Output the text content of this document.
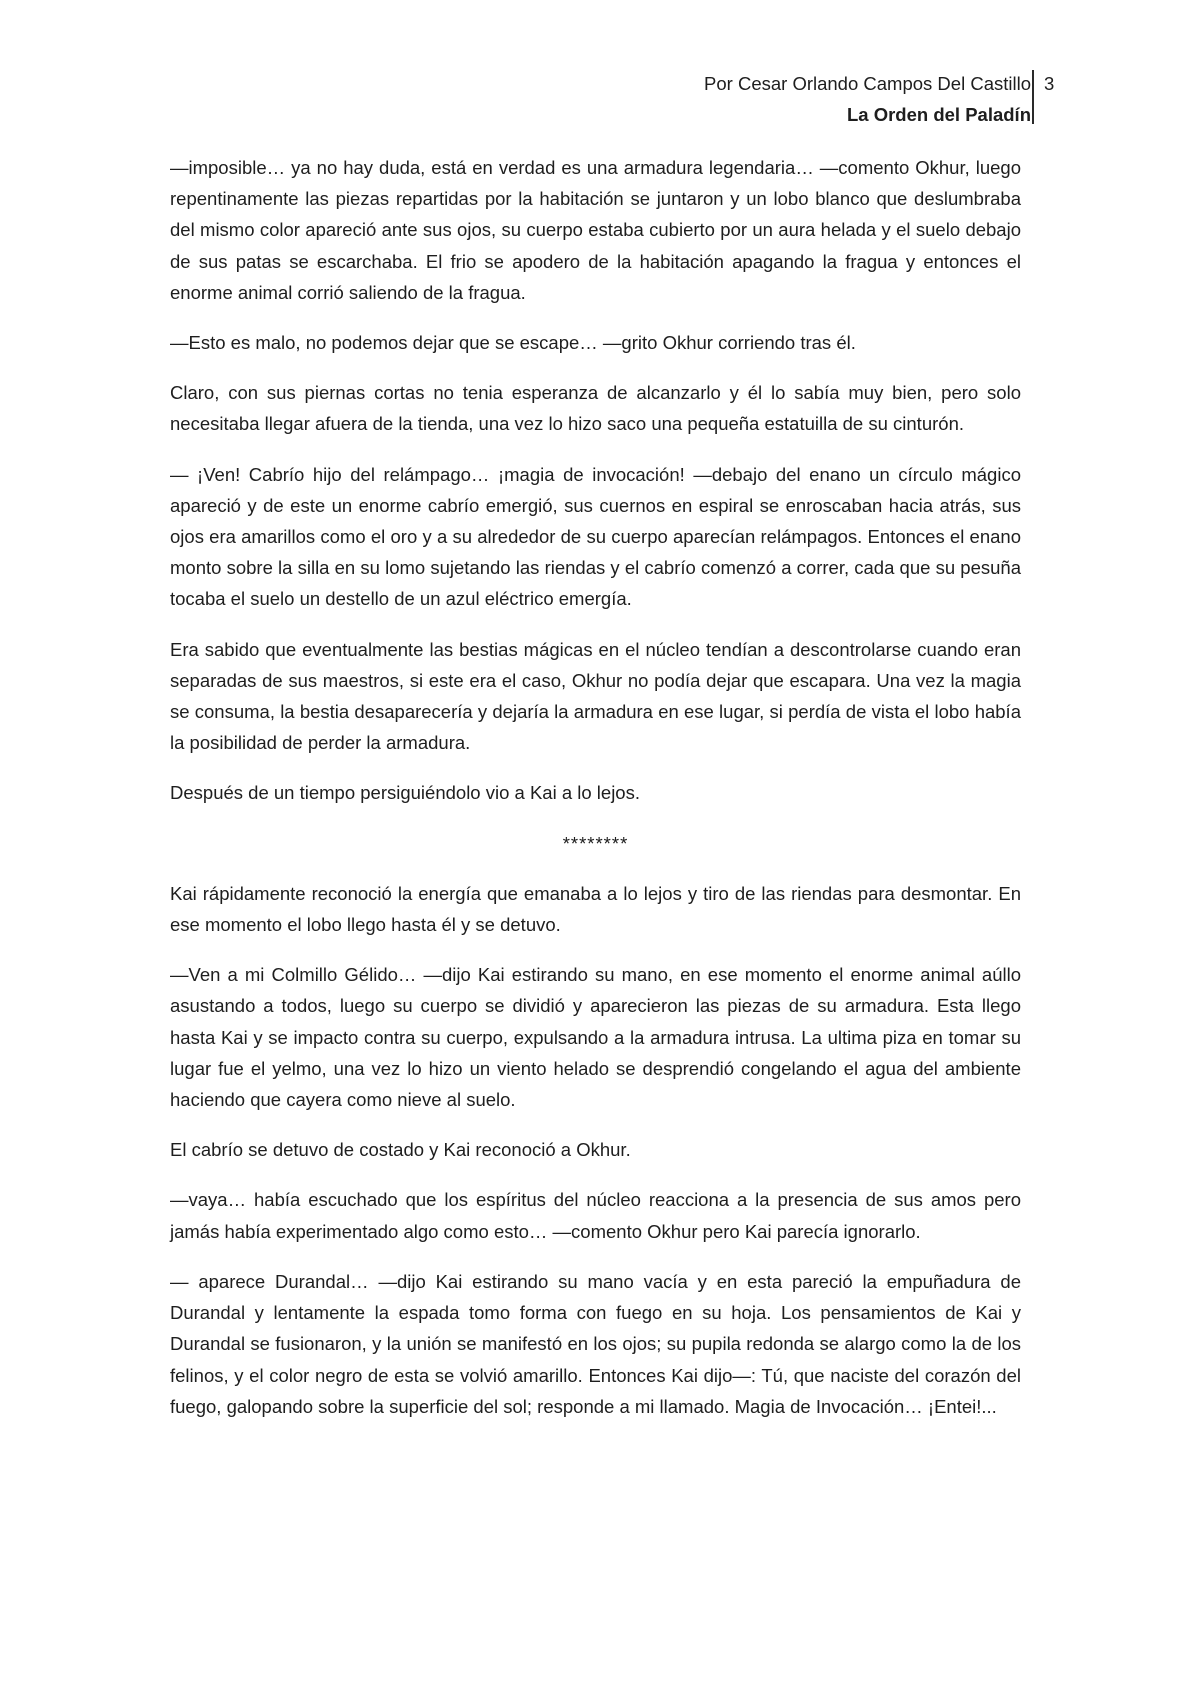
Por Cesar Orlando Campos Del Castillo
La Orden del Paladín
3

—imposible… ya no hay duda, está en verdad es una armadura legendaria… —comento Okhur, luego repentinamente las piezas repartidas por la habitación se juntaron y un lobo blanco que deslumbraba del mismo color apareció ante sus ojos, su cuerpo estaba cubierto por un aura helada y el suelo debajo de sus patas se escarchaba. El frio se apodero de la habitación apagando la fragua y entonces el enorme animal corrió saliendo de la fragua.

—Esto es malo, no podemos dejar que se escape… —grito Okhur corriendo tras él.

Claro, con sus piernas cortas no tenia esperanza de alcanzarlo y él lo sabía muy bien, pero solo necesitaba llegar afuera de la tienda, una vez lo hizo saco una pequeña estatuilla de su cinturón.

— ¡Ven! Cabrío hijo del relámpago… ¡magia de invocación! —debajo del enano un círculo mágico apareció y de este un enorme cabrío emergió, sus cuernos en espiral se enroscaban hacia atrás, sus ojos era amarillos como el oro y a su alrededor de su cuerpo aparecían relámpagos. Entonces el enano monto sobre la silla en su lomo sujetando las riendas y el cabrío comenzó a correr, cada que su pesuña tocaba el suelo un destello de un azul eléctrico emergía.

Era sabido que eventualmente las bestias mágicas en el núcleo tendían a descontrolarse cuando eran separadas de sus maestros, si este era el caso, Okhur no podía dejar que escapara. Una vez la magia se consuma, la bestia desaparecería y dejaría la armadura en ese lugar, si perdía de vista el lobo había la posibilidad de perder la armadura.

Después de un tiempo persiguiéndolo vio a Kai a lo lejos.

********

Kai rápidamente reconoció la energía que emanaba a lo lejos y tiro de las riendas para desmontar. En ese momento el lobo llego hasta él y se detuvo.

—Ven a mi Colmillo Gélido… —dijo Kai estirando su mano, en ese momento el enorme animal aúllo asustando a todos, luego su cuerpo se dividió y aparecieron las piezas de su armadura. Esta llego hasta Kai y se impacto contra su cuerpo, expulsando a la armadura intrusa. La ultima piza en tomar su lugar fue el yelmo, una vez lo hizo un viento helado se desprendió congelando el agua del ambiente haciendo que cayera como nieve al suelo.

El cabrío se detuvo de costado y Kai reconoció a Okhur.

—vaya… había escuchado que los espíritus del núcleo reacciona a la presencia de sus amos pero jamás había experimentado algo como esto… —comento Okhur pero Kai parecía ignorarlo.

— aparece Durandal… —dijo Kai estirando su mano vacía y en esta pareció la empuñadura de Durandal y lentamente la espada tomo forma con fuego en su hoja. Los pensamientos de Kai y Durandal se fusionaron, y la unión se manifestó en los ojos; su pupila redonda se alargo como la de los felinos, y el color negro de esta se volvió amarillo. Entonces Kai dijo—: Tú, que naciste del corazón del fuego, galopando sobre la superficie del sol; responde a mi llamado. Magia de Invocación… ¡Entei!...
